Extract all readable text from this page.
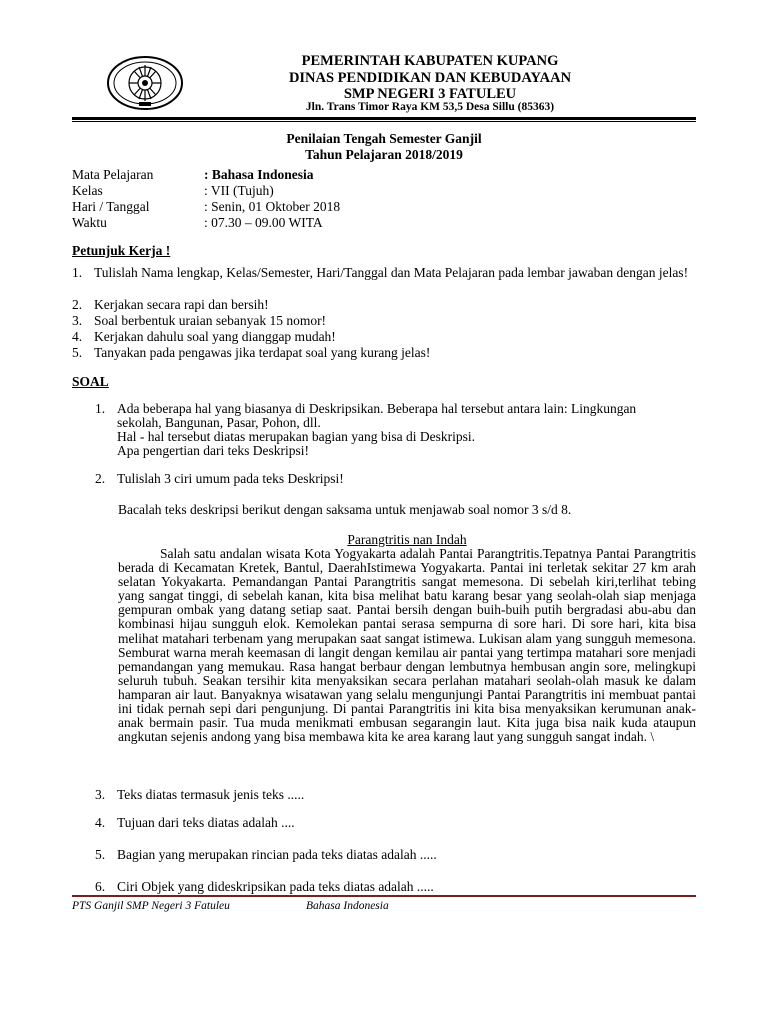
PEMERINTAH KABUPATEN KUPANG
DINAS PENDIDIKAN DAN KEBUDAYAAN
SMP NEGERI 3 FATULEU
Jln. Trans Timor Raya KM 53,5 Desa Sillu (85363)
Penilaian Tengah Semester Ganjil
Tahun Pelajaran 2018/2019
Mata Pelajaran	: Bahasa Indonesia
Kelas	: VII (Tujuh)
Hari / Tanggal	: Senin, 01 Oktober 2018
Waktu	: 07.30 – 09.00 WITA
Petunjuk Kerja !
1. Tulislah Nama lengkap, Kelas/Semester, Hari/Tanggal dan Mata Pelajaran pada lembar jawaban dengan jelas!
2. Kerjakan secara rapi dan bersih!
3. Soal berbentuk uraian sebanyak 15 nomor!
4. Kerjakan dahulu soal yang dianggap mudah!
5. Tanyakan pada pengawas jika terdapat soal yang kurang jelas!
SOAL
1. Ada beberapa hal yang biasanya di Deskripsikan. Beberapa hal tersebut antara lain: Lingkungan
sekolah, Bangunan, Pasar, Pohon, dll.
Hal - hal tersebut diatas merupakan bagian yang bisa di Deskripsi.
Apa pengertian dari teks Deskripsi!
2. Tulislah 3 ciri umum pada teks Deskripsi!
Bacalah teks deskripsi berikut dengan saksama untuk menjawab soal nomor 3 s/d 8.
Parangtritis nan Indah
Salah satu andalan wisata Kota Yogyakarta adalah Pantai Parangtritis.Tepatnya Pantai Parangtritis berada di Kecamatan Kretek, Bantul, DaerahIstimewa Yogyakarta. Pantai ini terletak sekitar 27 km arah selatan Yokyakarta. Pemandangan Pantai Parangtritis sangat memesona. Di sebelah kiri,terlihat tebing yang sangat tinggi, di sebelah kanan, kita bisa melihat batu karang besar yang seolah-olah siap menjaga gempuran ombak yang datang setiap saat. Pantai bersih dengan buih-buih putih bergradasi abu-abu dan kombinasi hijau sungguh elok. Kemolekan pantai serasa sempurna di sore hari. Di sore hari, kita bisa melihat matahari terbenam yang merupakan saat sangat istimewa. Lukisan alam yang sungguh memesona. Semburat warna merah keemasan di langit dengan kemilau air pantai yang tertimpa matahari sore menjadi pemandangan yang memukau. Rasa hangat berbaur dengan lembutnya hembusan angin sore, melingkupi seluruh tubuh. Seakan tersihir kita menyaksikan secara perlahan matahari seolah-olah masuk ke dalam hamparan air laut. Banyaknya wisatawan yang selalu mengunjungi Pantai Parangtritis ini membuat pantai ini tidak pernah sepi dari pengunjung. Di pantai Parangtritis ini kita bisa menyaksikan kerumunan anak-anak bermain pasir. Tua muda menikmati embusan segarangin laut. Kita juga bisa naik kuda ataupun angkutan sejenis andong yang bisa membawa kita ke area karang laut yang sungguh sangat indah. \
3. Teks diatas termasuk jenis teks .....
4. Tujuan dari teks diatas adalah ....
5. Bagian yang merupakan rincian pada teks diatas adalah .....
6. Ciri Objek yang dideskripsikan pada teks diatas adalah .....
PTS Ganjil SMP Negeri 3 Fatuleu	Bahasa Indonesia
